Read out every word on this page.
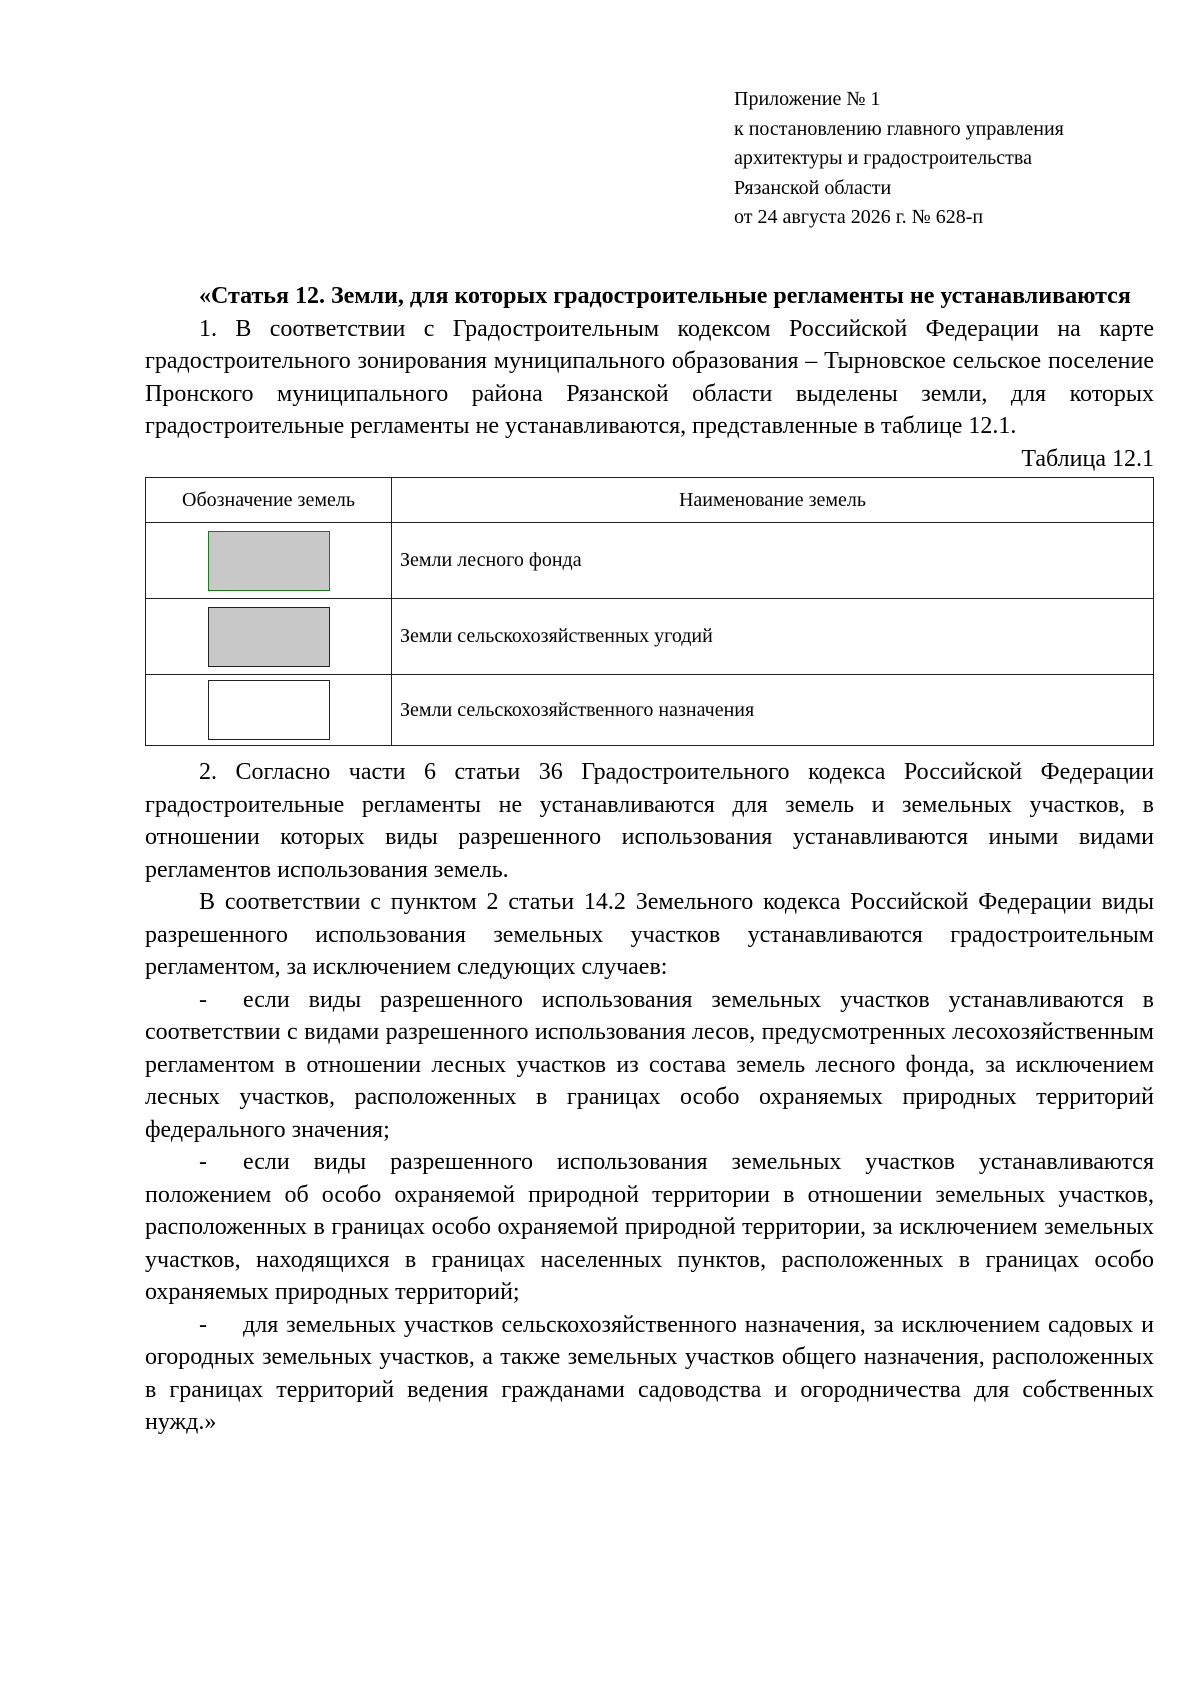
Приложение № 1
к постановлению главного управления
архитектуры и градостроительства
Рязанской области
от 24 августа 2026 г. № 628-п

«Статья 12. Земли, для которых градостроительные регламенты не устанавливаются

1. В соответствии с Градостроительным кодексом Российской Федерации на карте градостроительного зонирования муниципального образования – Тырновское сельское поселение Пронского муниципального района Рязанской области выделены земли, для которых градостроительные регламенты не устанавливаются, представленные в таблице 12.1.

Таблица 12.1
Обозначение земель	Наименование земель
	Земли лесного фонда
	Земли сельскохозяйственных угодий
	Земли сельскохозяйственного назначения

2. Согласно части 6 статьи 36 Градостроительного кодекса Российской Федерации градостроительные регламенты не устанавливаются для земель и земельных участков, в отношении которых виды разрешенного использования устанавливаются иными видами регламентов использования земель.

В соответствии с пунктом 2 статьи 14.2 Земельного кодекса Российской Федерации виды разрешенного использования земельных участков устанавливаются градостроительным регламентом, за исключением следующих случаев:

- если виды разрешенного использования земельных участков устанавливаются в соответствии с видами разрешенного использования лесов, предусмотренных лесохозяйственным регламентом в отношении лесных участков из состава земель лесного фонда, за исключением лесных участков, расположенных в границах особо охраняемых природных территорий федерального значения;

- если виды разрешенного использования земельных участков устанавливаются положением об особо охраняемой природной территории в отношении земельных участков, расположенных в границах особо охраняемой природной территории, за исключением земельных участков, находящихся в границах населенных пунктов, расположенных в границах особо охраняемых природных территорий;

- для земельных участков сельскохозяйственного назначения, за исключением садовых и огородных земельных участков, а также земельных участков общего назначения, расположенных в границах территорий ведения гражданами садоводства и огородничества для собственных нужд.»
